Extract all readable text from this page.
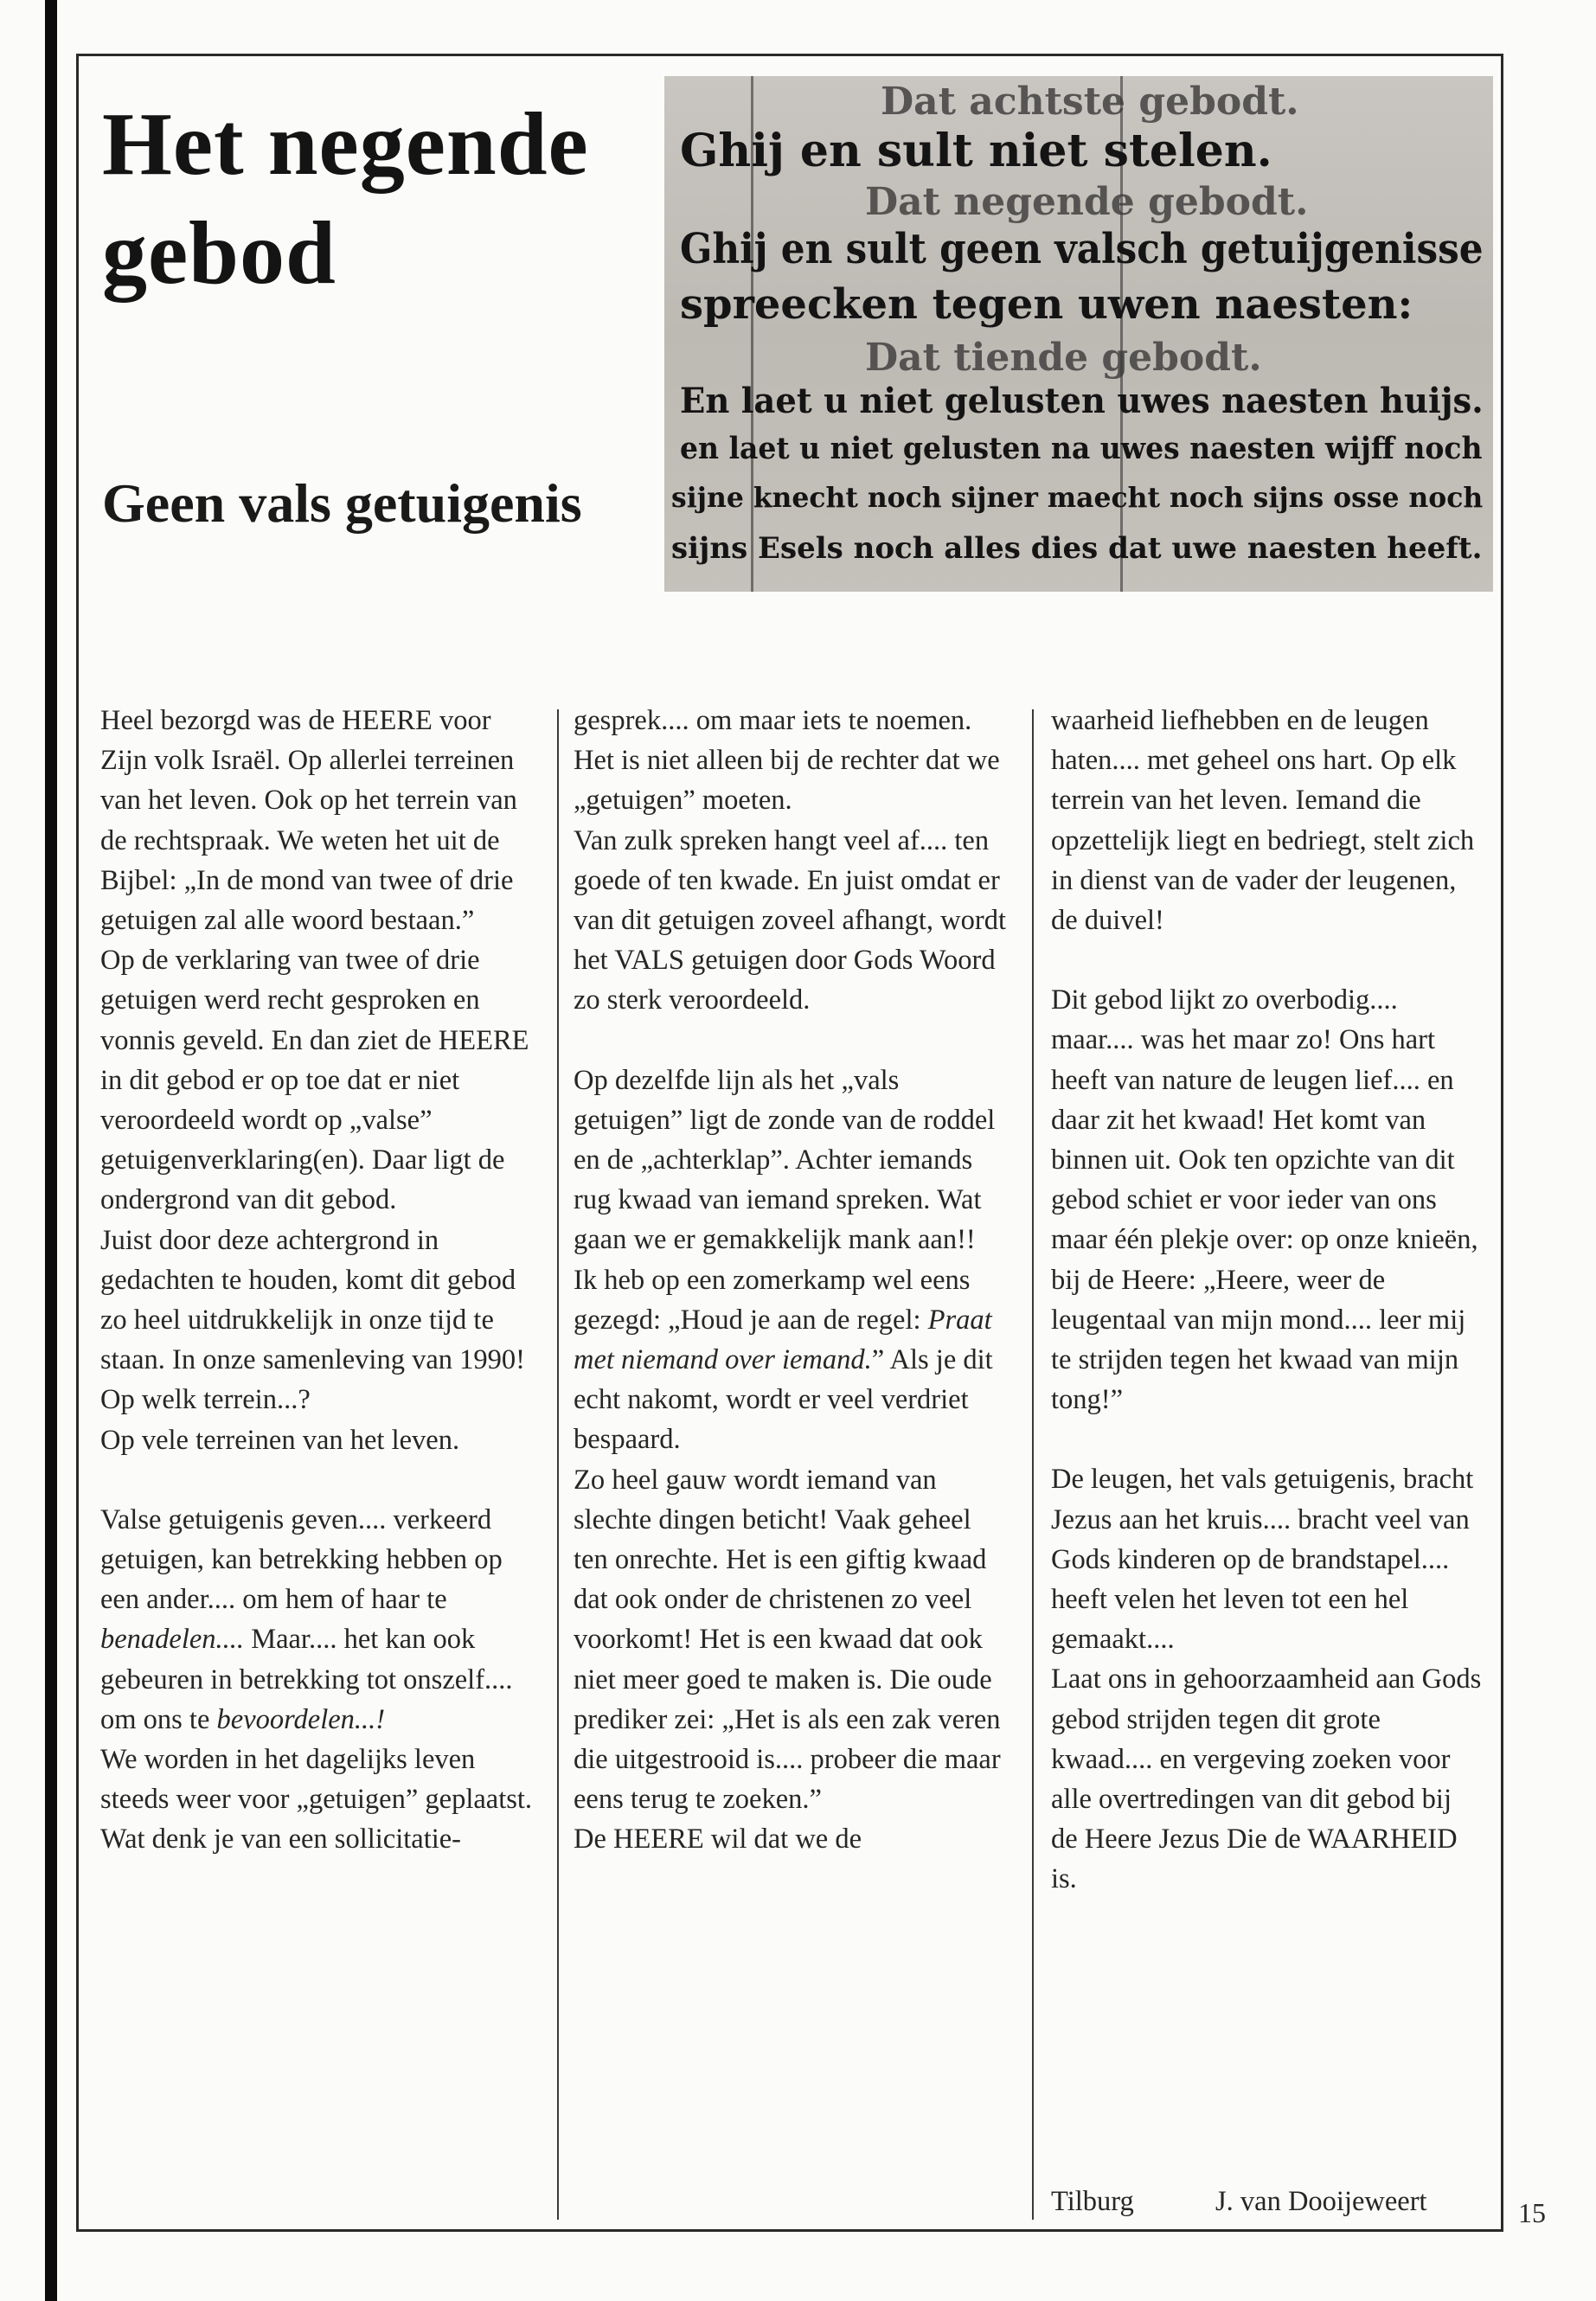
Het negende gebod
Geen vals getuigenis
Dat achtste gebodt.
Ghij en sult niet stelen.
Dat negende gebodt.
Ghij en sult geen valsch getuijgenisse
spreecken tegen uwen naesten:
Dat tiende gebodt.
En laet u niet gelusten uwes naesten huijs.
en laet u niet gelusten na uwes naesten wijff noch
sijne knecht noch sijner maecht noch sijns osse noch
sijns Esels noch alles dies dat uwe naesten heeft.

Heel bezorgd was de HEERE voor Zijn volk Israël. Op allerlei terreinen van het leven. Ook op het terrein van de rechtspraak. We weten het uit de Bijbel: „In de mond van twee of drie getuigen zal alle woord bestaan.”

Op de verklaring van twee of drie getuigen werd recht gesproken en vonnis geveld. En dan ziet de HEERE in dit gebod er op toe dat er niet veroordeeld wordt op „valse” getuigenverklaring(en). Daar ligt de ondergrond van dit gebod.

Juist door deze achtergrond in gedachten te houden, komt dit gebod zo heel uitdrukkelijk in onze tijd te staan. In onze samenleving van 1990!

Op welk terrein...?

Op vele terreinen van het leven.

Valse getuigenis geven.... verkeerd getuigen, kan betrekking hebben op een ander.... om hem of haar te benadelen.... Maar.... het kan ook gebeuren in betrekking tot onszelf.... om ons te bevoordelen...!

We worden in het dagelijks leven steeds weer voor „getuigen” geplaatst. Wat denk je van een sollicitatie-

gesprek.... om maar iets te noemen. Het is niet alleen bij de rechter dat we „getuigen” moeten.

Van zulk spreken hangt veel af.... ten goede of ten kwade. En juist omdat er van dit getuigen zoveel afhangt, wordt het VALS getuigen door Gods Woord zo sterk veroordeeld.

Op dezelfde lijn als het „vals getuigen” ligt de zonde van de roddel en de „achterklap”. Achter iemands rug kwaad van iemand spreken. Wat gaan we er gemakkelijk mank aan!!

Ik heb op een zomerkamp wel eens gezegd: „Houd je aan de regel: Praat met niemand over iemand.” Als je dit echt nakomt, wordt er veel verdriet bespaard.

Zo heel gauw wordt iemand van slechte dingen beticht! Vaak geheel ten onrechte. Het is een giftig kwaad dat ook onder de christenen zo veel voorkomt! Het is een kwaad dat ook niet meer goed te maken is. Die oude prediker zei: „Het is als een zak veren die uitgestrooid is.... probeer die maar eens terug te zoeken.”

De HEERE wil dat we de

waarheid liefhebben en de leugen haten.... met geheel ons hart. Op elk terrein van het leven. Iemand die opzettelijk liegt en bedriegt, stelt zich in dienst van de vader der leugenen, de duivel!

Dit gebod lijkt zo overbodig.... maar.... was het maar zo! Ons hart heeft van nature de leugen lief.... en daar zit het kwaad! Het komt van binnen uit. Ook ten opzichte van dit gebod schiet er voor ieder van ons maar één plekje over: op onze knieën, bij de Heere: „Heere, weer de leugentaal van mijn mond.... leer mij te strijden tegen het kwaad van mijn tong!”

De leugen, het vals getuigenis, bracht Jezus aan het kruis.... bracht veel van Gods kinderen op de brandstapel.... heeft velen het leven tot een hel gemaakt....

Laat ons in gehoorzaamheid aan Gods gebod strijden tegen dit grote kwaad.... en vergeving zoeken voor alle overtredingen van dit gebod bij de Heere Jezus Die de WAARHEID is.

Tilburg	J. van Dooijeweert	15
